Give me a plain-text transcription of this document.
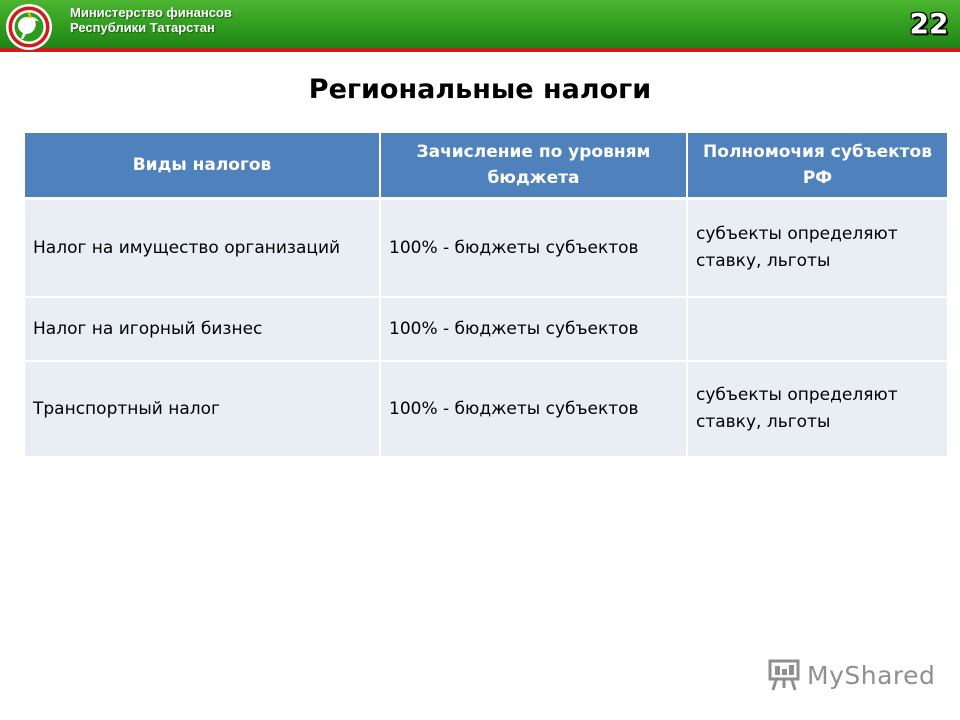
Министерство финансов
Республики Татарстан	22
Региональные налоги
Виды налогов	Зачисление по уровням бюджета	Полномочия субъектов РФ
Налог на имущество организаций	100% - бюджеты субъектов	субъекты определяют ставку, льготы
Налог на игорный бизнес	100% - бюджеты субъектов	
Транспортный налог	100% - бюджеты субъектов	субъекты определяют ставку, льготы
MyShared
